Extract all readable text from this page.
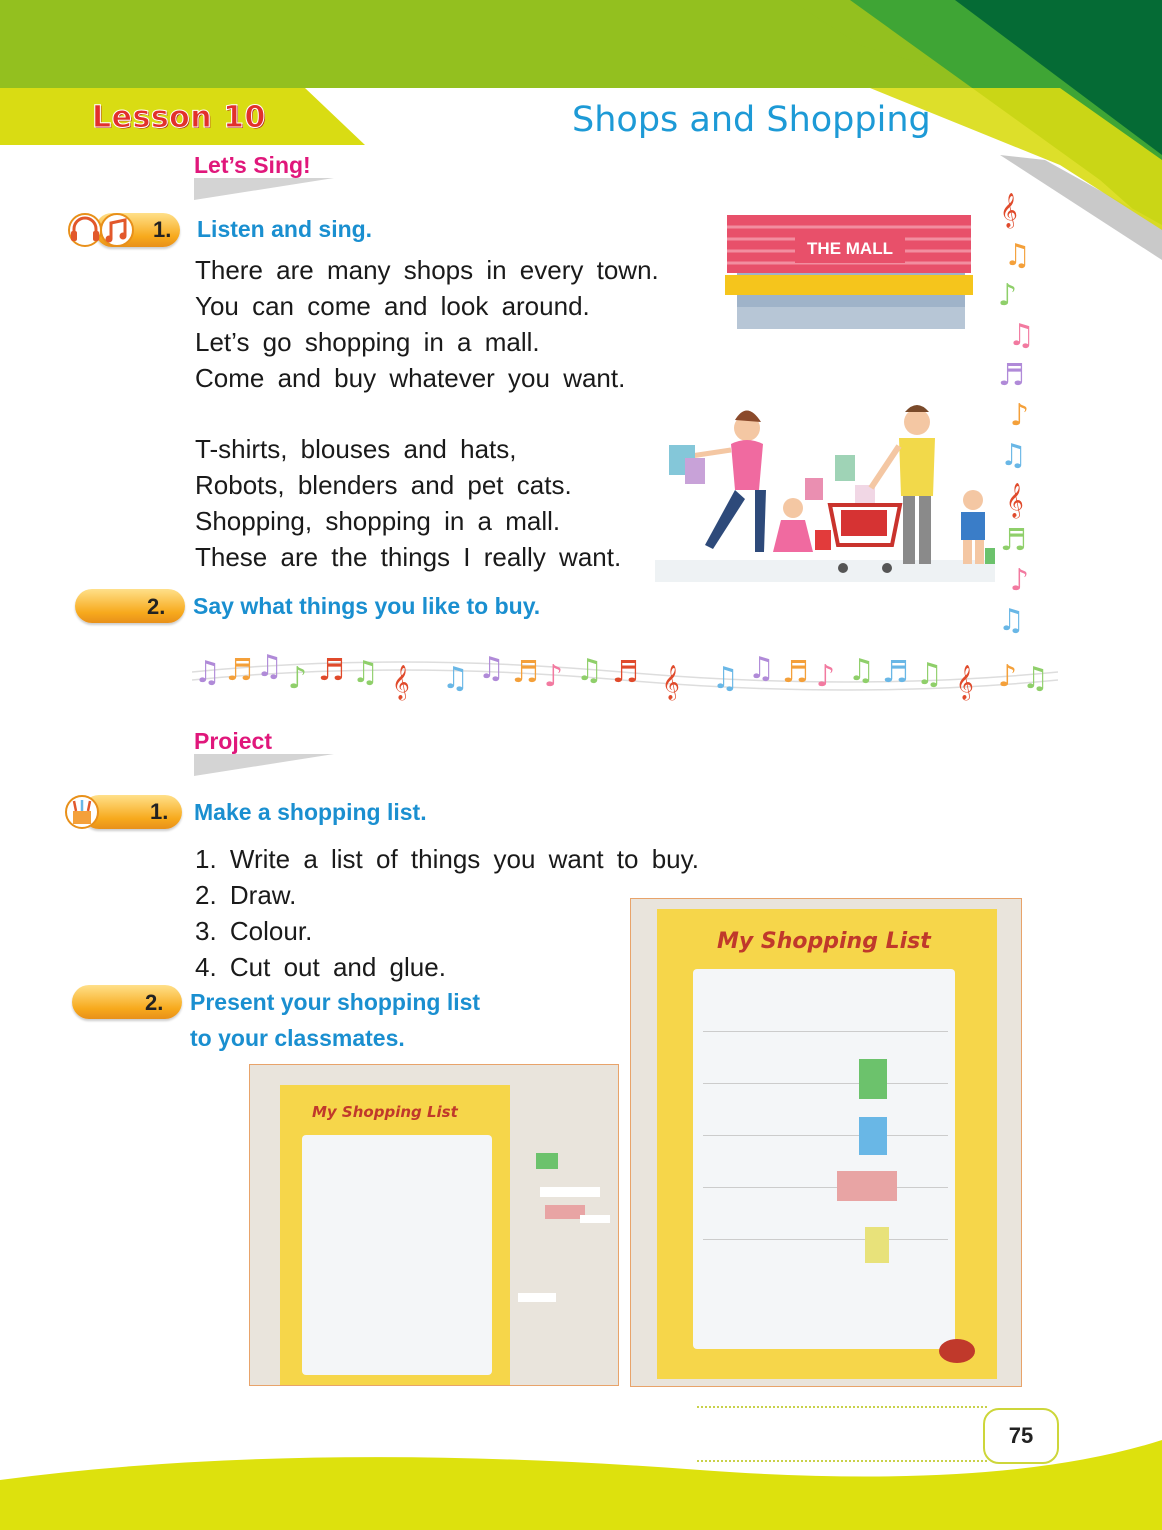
Lesson 10	Shops and Shopping
Let’s Sing!
1. Listen and sing.
There are many shops in every town.
You can come and look around.
Let’s go shopping in a mall.
Come and buy whatever you want.
T-shirts, blouses and hats,
Robots, blenders and pet cats.
Shopping, shopping in a mall.
These are the things I really want.
THE MALL
𝄞
♫
♪
♫
♬
♪
♫
𝄞
♬
♪
♫
2. Say what things you like to buy.
♫ ♬ ♫ ♪ ♬ ♫ 𝄞 ♫ ♫ ♬ ♪ ♫ ♬ 𝄞 ♫ ♫ ♬ ♪ ♫ ♬ ♫ 𝄞 ♪ ♫
Project
1. Make a shopping list.
1. Write a list of things you want to buy.
2. Draw.
3. Colour.
4. Cut out and glue.
2. Present your shopping list
to your classmates.
My Shopping List
My Shopping List
75
